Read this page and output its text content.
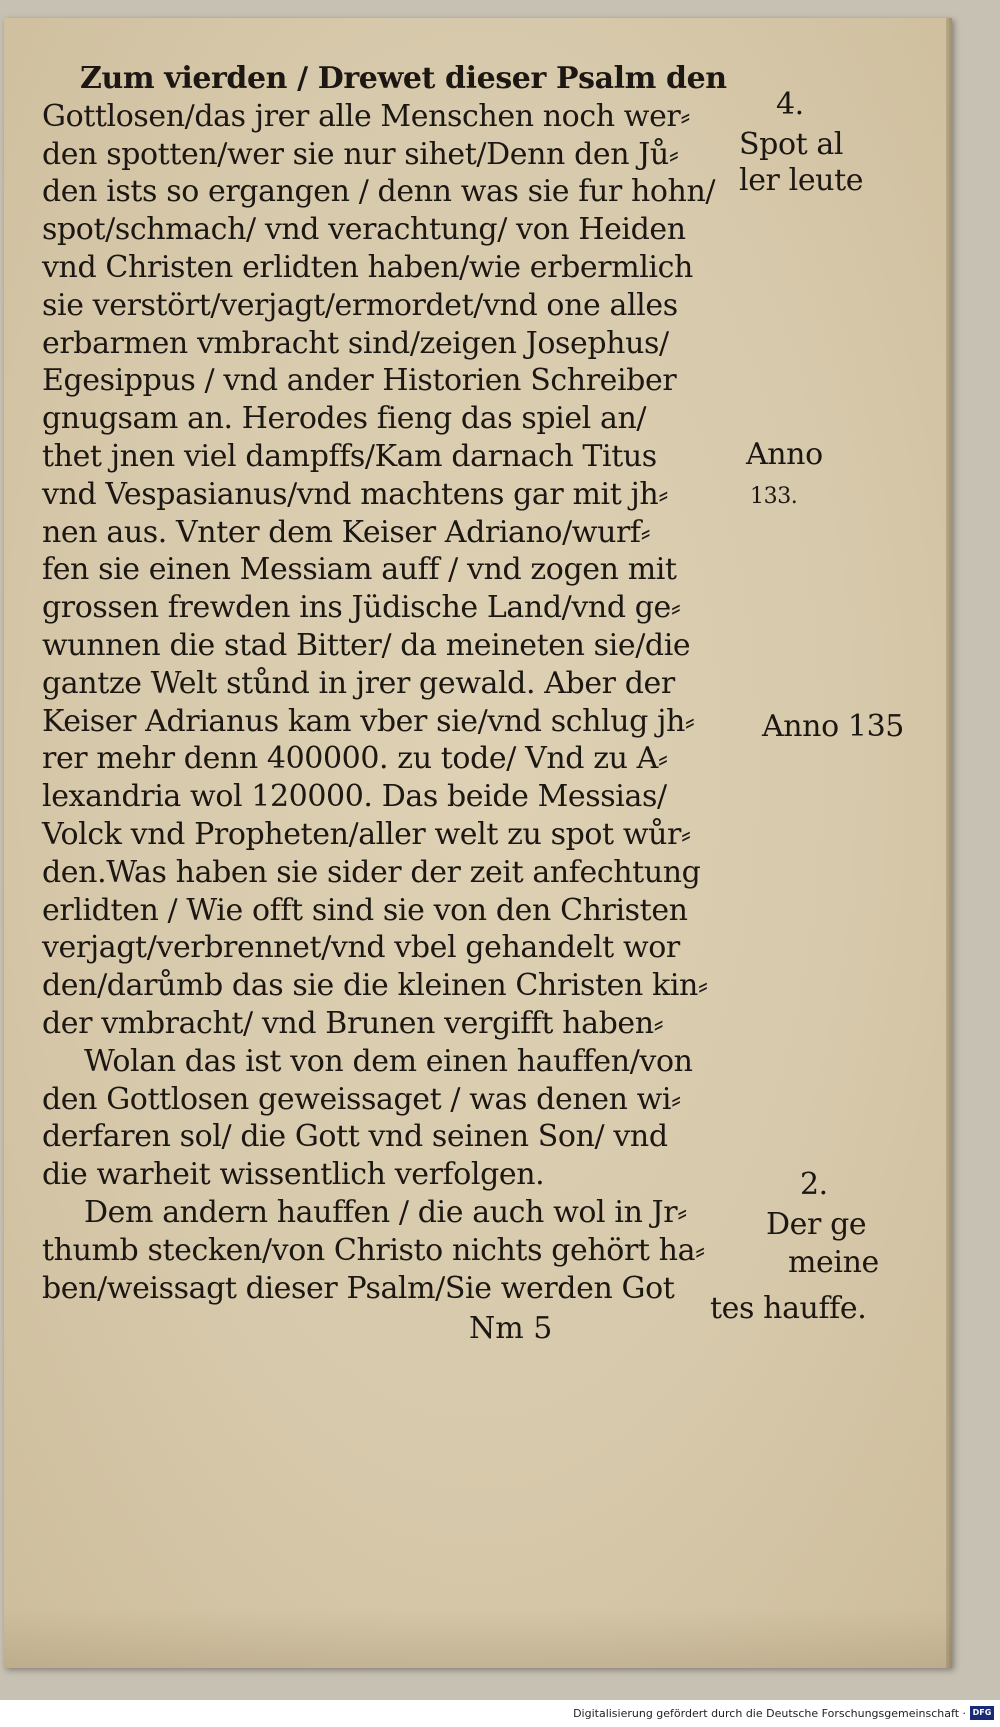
Zum vierden / Drewet dieser Psalm den
Gottlosen/das jrer alle Menschen noch wer⸗
den spotten/wer sie nur sihet/Denn den Jů⸗
den ists so ergangen / denn was sie fur hohn/
spot/schmach/ vnd verachtung/ von Heiden
vnd Christen erlidten haben/wie erbermlich
sie verstört/verjagt/ermordet/vnd one alles
erbarmen vmbracht sind/zeigen Josephus/
Egesippus / vnd ander Historien Schreiber
gnugsam an. Herodes fieng das spiel an/
thet jnen viel dampffs/Kam darnach Titus
vnd Vespasianus/vnd machtens gar mit jh⸗
nen aus. Vnter dem Keiser Adriano/wurf⸗
fen sie einen Messiam auff / vnd zogen mit
grossen frewden ins Jüdische Land/vnd ge⸗
wunnen die stad Bitter/ da meineten sie/die
gantze Welt stůnd in jrer gewald. Aber der
Keiser Adrianus kam vber sie/vnd schlug jh⸗
rer mehr denn 400000. zu tode/ Vnd zu A⸗
lexandria wol 120000. Das beide Messias/
Volck vnd Propheten/aller welt zu spot wůr⸗
den.Was haben sie sider der zeit anfechtung
erlidten / Wie offt sind sie von den Christen
verjagt/verbrennet/vnd vbel gehandelt wor
den/darůmb das sie die kleinen Christen kin⸗
der vmbracht/ vnd Brunen vergifft haben⸗
Wolan das ist von dem einen hauffen/von
den Gottlosen geweissaget / was denen wi⸗
derfaren sol/ die Gott vnd seinen Son/ vnd
die warheit wissentlich verfolgen.
Dem andern hauffen / die auch wol in Jr⸗
thumb stecken/von Christo nichts gehört ha⸗
ben/weissagt dieser Psalm/Sie werden Got
4.
Spot al
ler leute
Anno
133.
Anno 135
2.
Der ge
meine
tes hauffe.
Nm 5
Digitalisierung gefördert durch die Deutsche Forschungsgemeinschaft · DFG
